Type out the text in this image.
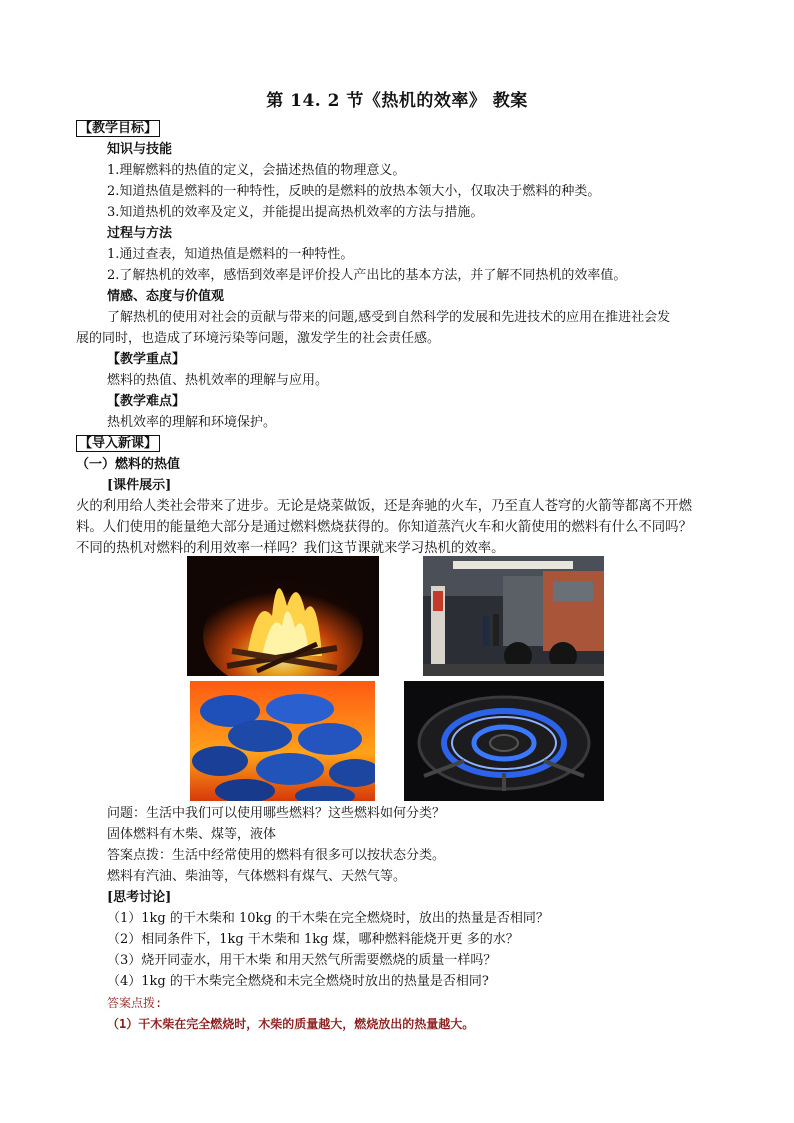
第 14. 2 节《热机的效率》 教案
【教学目标】
知识与技能
1.理解燃料的热值的定义，会描述热值的物理意义。
2.知道热值是燃料的一种特性，反映的是燃料的放热本领大小，仅取决于燃料的种类。
3.知道热机的效率及定义，并能提出提高热机效率的方法与措施。
过程与方法
1.通过查表，知道热值是燃料的一种特性。
2.了解热机的效率，感悟到效率是评价投人产出比的基本方法，并了解不同热机的效率值。
情感、态度与价值观
了解热机的使用对社会的贡献与带来的问题,感受到自然科学的发展和先进技术的应用在推进社会发
展的同时，也造成了环境污染等问题，激发学生的社会责任感。
【教学重点】
燃料的热值、热机效率的理解与应用。
【教学难点】
热机效率的理解和环境保护。
【导入新课】
（一）燃料的热值
[课件展示]
火的利用给人类社会带来了进步。无论是烧菜做饭，还是奔驰的火车，乃至直人苍穹的火箭等都离不开燃
料。人们使用的能量绝大部分是通过燃料燃烧获得的。你知道蒸汽火车和火箭使用的燃料有什么不同吗？
不同的热机对燃料的利用效率一样吗？我们这节课就来学习热机的效率。
问题：生活中我们可以使用哪些燃料？这些燃料如何分类？
固体燃料有木柴、煤等，液体
答案点拨：生活中经常使用的燃料有很多可以按状态分类。
燃料有汽油、柴油等，气体燃料有煤气、天然气等。
[思考讨论]
（1）1kg 的干木柴和 10kg 的干木柴在完全燃烧时，放出的热量是否相同？
（2）相同条件下，1kg 干木柴和 1kg 煤，哪种燃料能烧开更 多的水？
（3）烧开同壶水，用干木柴 和用天然气所需要燃烧的质量一样吗？
（4）1kg 的干木柴完全燃烧和未完全燃烧时放出的热量是否相同?
答案点拨:
（1）干木柴在完全燃烧时，木柴的质量越大，燃烧放出的热量越大。
